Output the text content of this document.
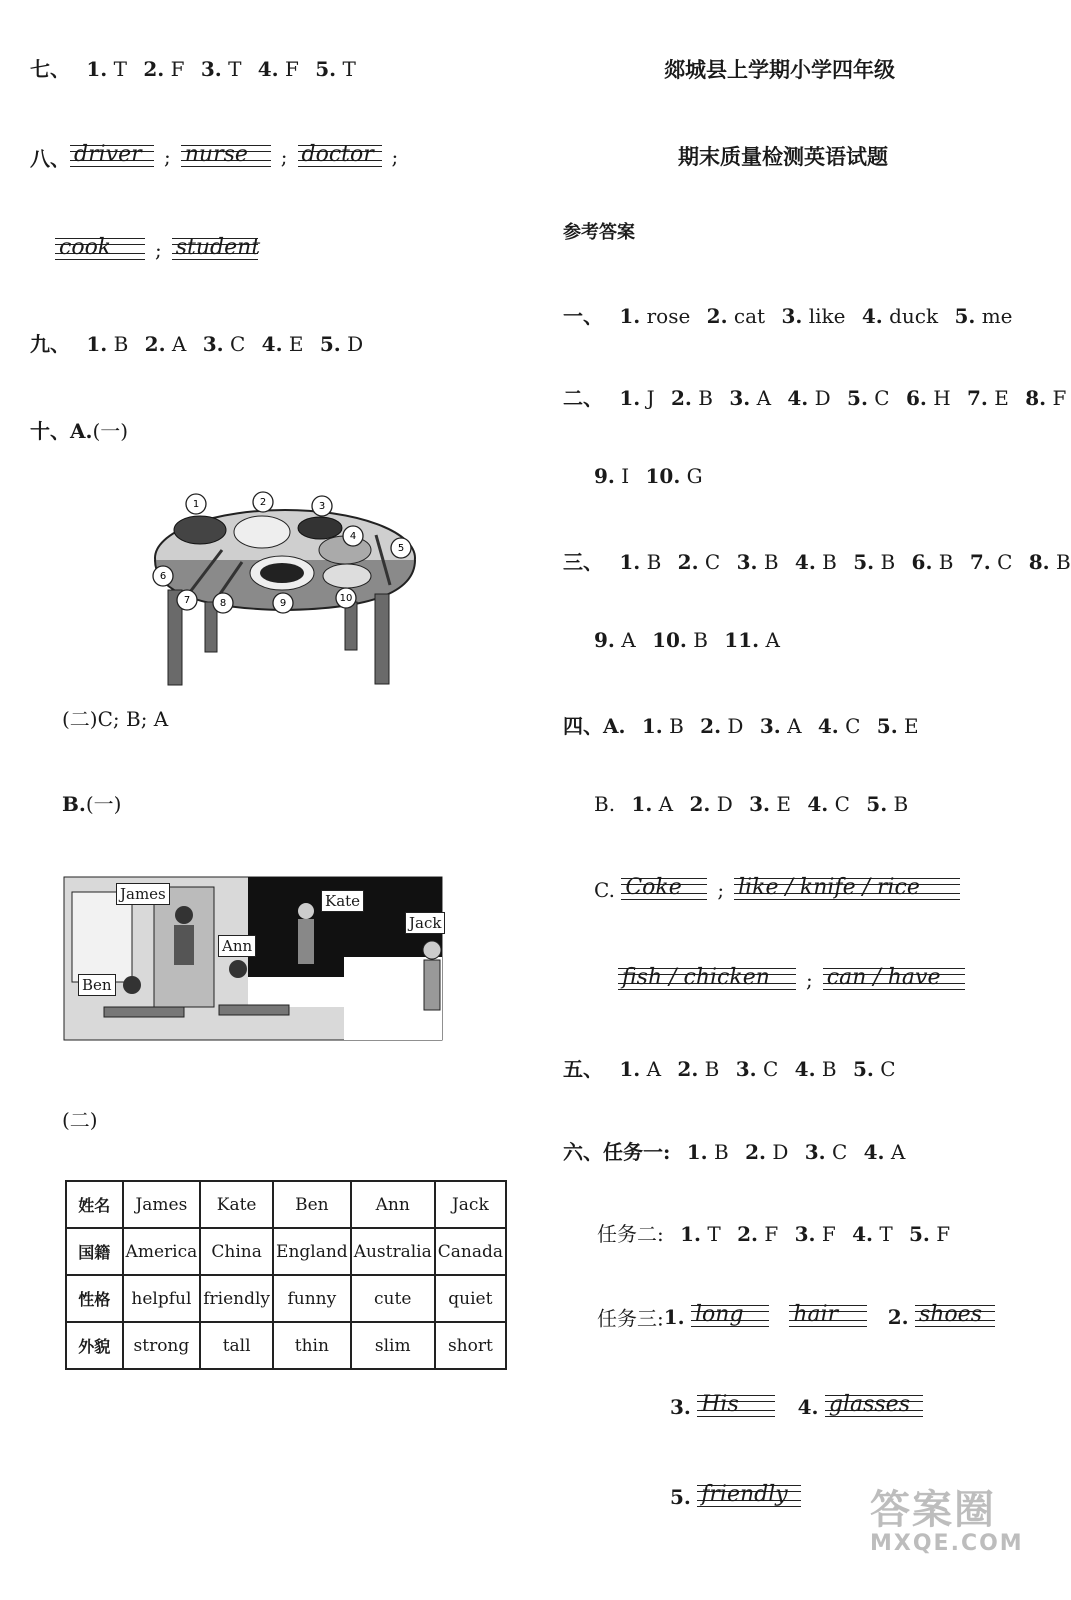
七、 1. T 2. F 3. T 4. F 5. T
八、 driver ; nurse ; doctor ;
cook ; student
九、 1. B 2. A 3. C 4. E 5. D
十、A.(一)
1	2	3
4
5
6
7	8	9	10
(二)C; B; A
B.(一)
James	Kate
Ann
Jack
Ben
(二)
姓名	James	Kate	Ben	Ann	Jack
国籍	America	China	England	Australia	Canada
性格	helpful	friendly	funny	cute	quiet
外貌	strong	tall	thin	slim	short
郯城县上学期小学四年级
期末质量检测英语试题
参考答案
一、 1. rose 2. cat 3. like 4. duck 5. me
二、 1. J 2. B 3. A 4. D 5. C 6. H 7. E 8. F
9. I 10. G
三、 1. B 2. C 3. B 4. B 5. B 6. B 7. C 8. B
9. A 10. B 11. A
四、A. 1. B 2. D 3. A 4. C 5. E
B. 1. A 2. D 3. E 4. C 5. B
C. Coke ; like / knife / rice
fish / chicken ; can / have
五、 1. A 2. B 3. C 4. B 5. C
六、任务一: 1. B 2. D 3. C 4. A
任务二: 1. T 2. F 3. F 4. T 5. F
任务三:1. long hair 2. shoes
3. His	4. glasses
5. friendly	答案圈
MXQE.COM
